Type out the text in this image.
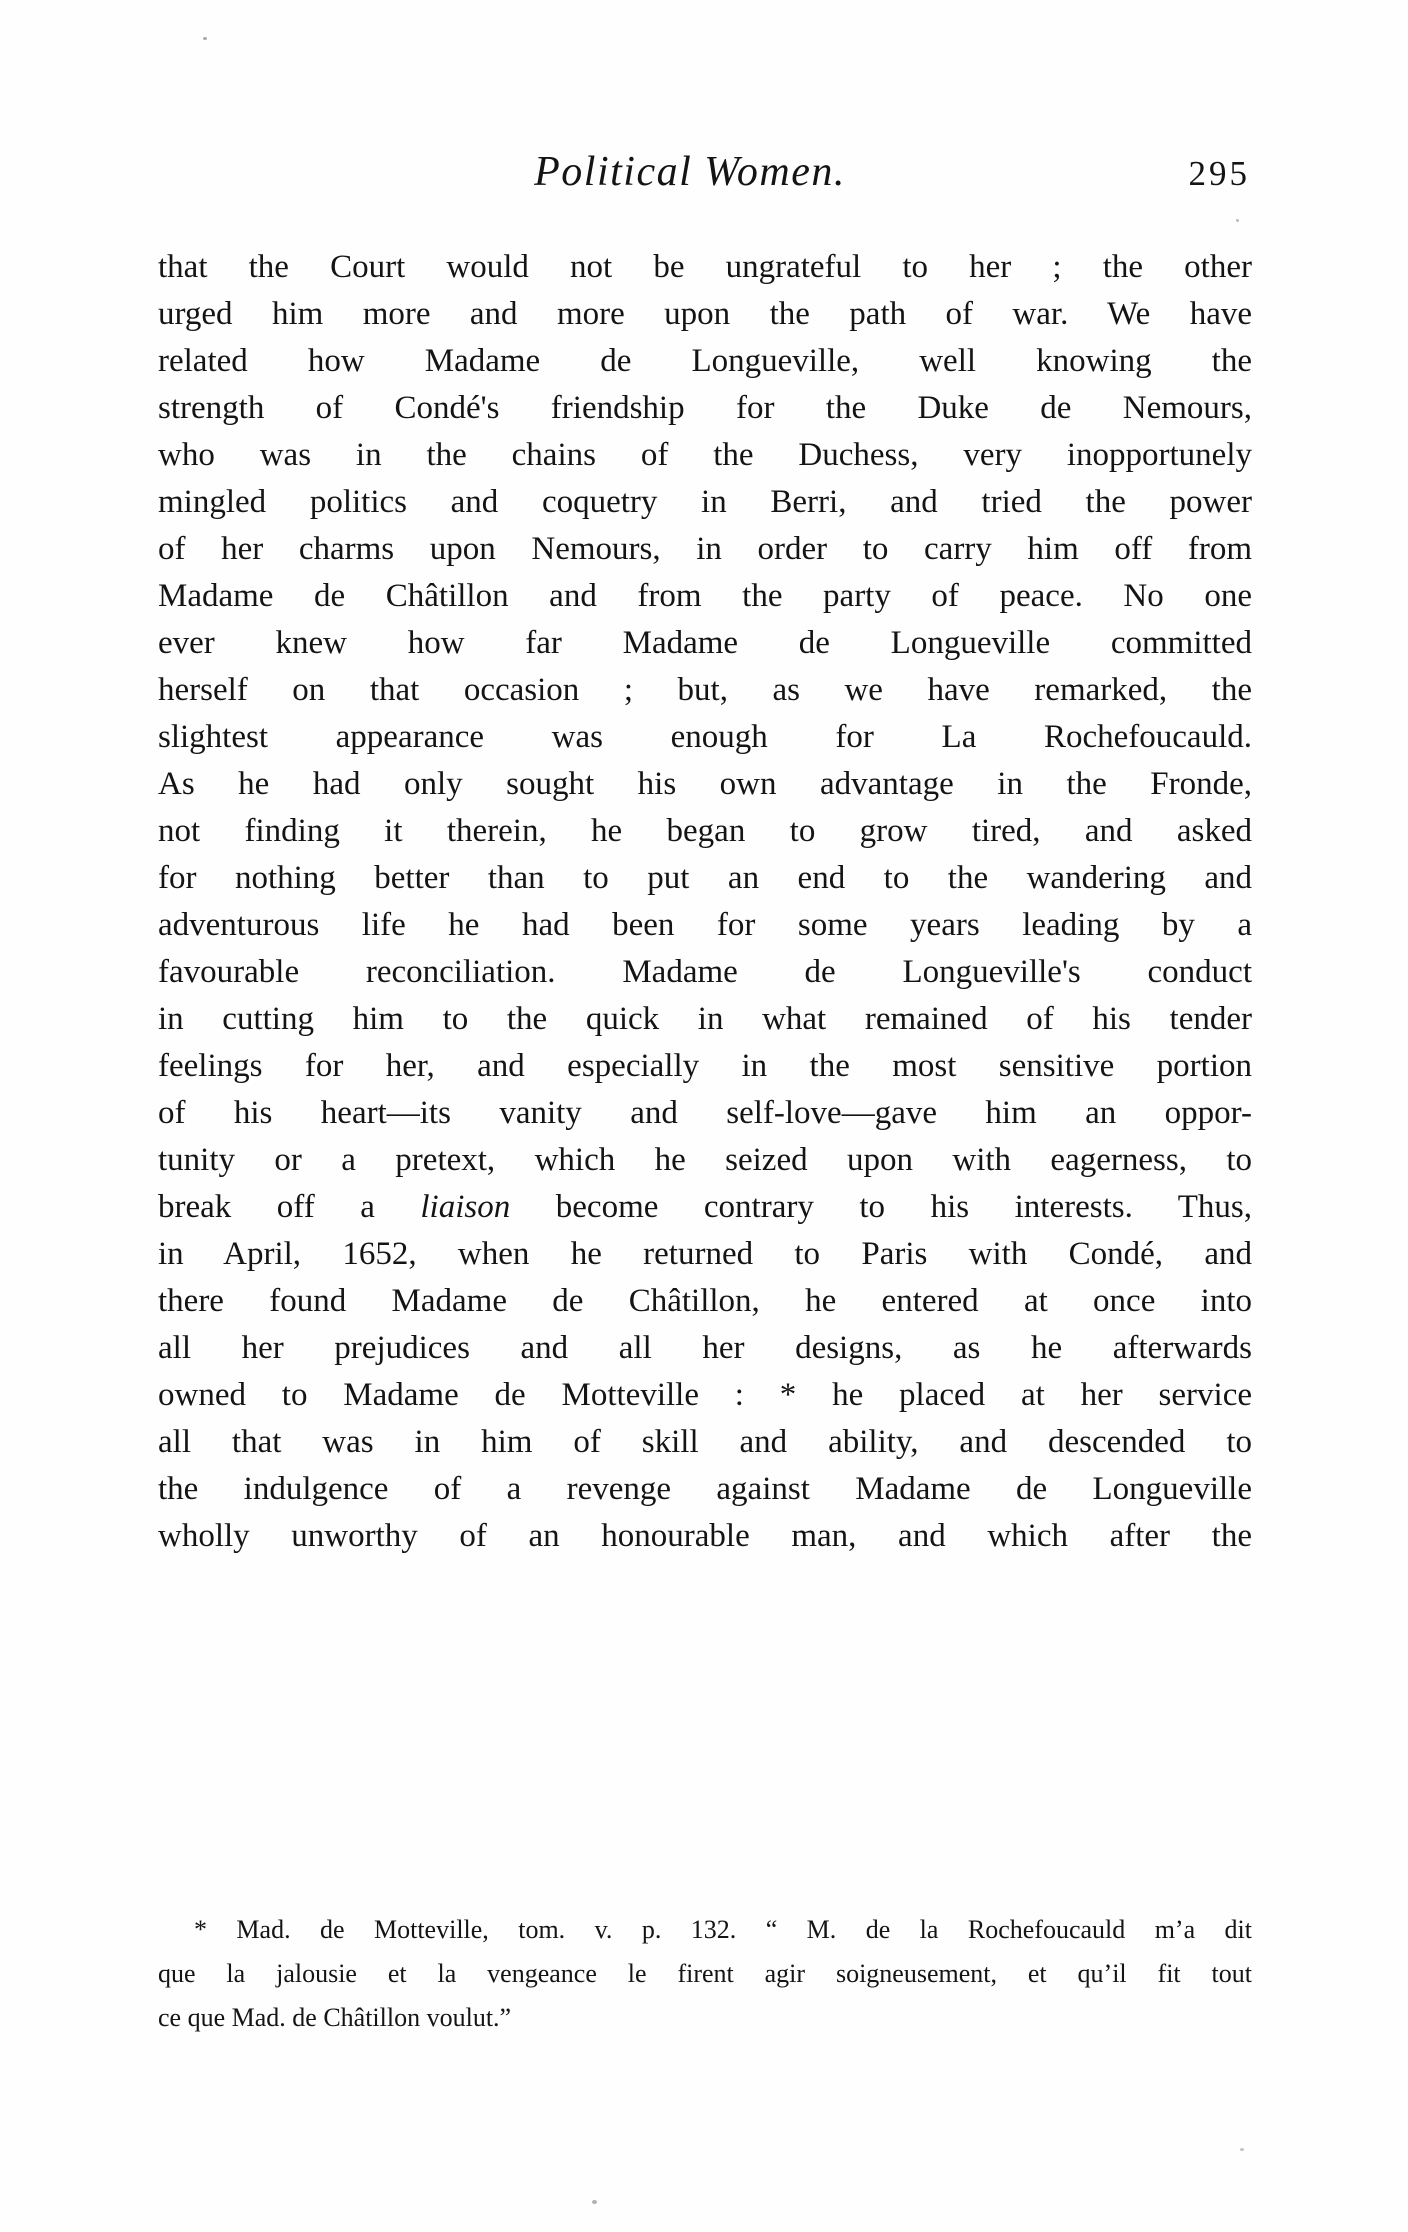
Political Women.	295
that the Court would not be ungrateful to her ; the other
urged him more and more upon the path of war. We have
related how Madame de Longueville, well knowing the
strength of Condé's friendship for the Duke de Nemours,
who was in the chains of the Duchess, very inopportunely
mingled politics and coquetry in Berri, and tried the power
of her charms upon Nemours, in order to carry him off from
Madame de Châtillon and from the party of peace. No one
ever knew how far Madame de Longueville committed
herself on that occasion ; but, as we have remarked, the
slightest appearance was enough for La Rochefoucauld.
As he had only sought his own advantage in the Fronde,
not finding it therein, he began to grow tired, and asked
for nothing better than to put an end to the wandering and
adventurous life he had been for some years leading by a
favourable reconciliation. Madame de Longueville's conduct
in cutting him to the quick in what remained of his tender
feelings for her, and especially in the most sensitive portion
of his heart—its vanity and self-love—gave him an oppor-
tunity or a pretext, which he seized upon with eagerness, to
break off a liaison become contrary to his interests. Thus,
in April, 1652, when he returned to Paris with Condé, and
there found Madame de Châtillon, he entered at once into
all her prejudices and all her designs, as he afterwards
owned to Madame de Motteville : * he placed at her service
all that was in him of skill and ability, and descended to
the indulgence of a revenge against Madame de Longueville
wholly unworthy of an honourable man, and which after the
* Mad. de Motteville, tom. v. p. 132. “ M. de la Rochefoucauld m’a dit
que la jalousie et la vengeance le firent agir soigneusement, et qu’il fit tout
ce que Mad. de Châtillon voulut.”
